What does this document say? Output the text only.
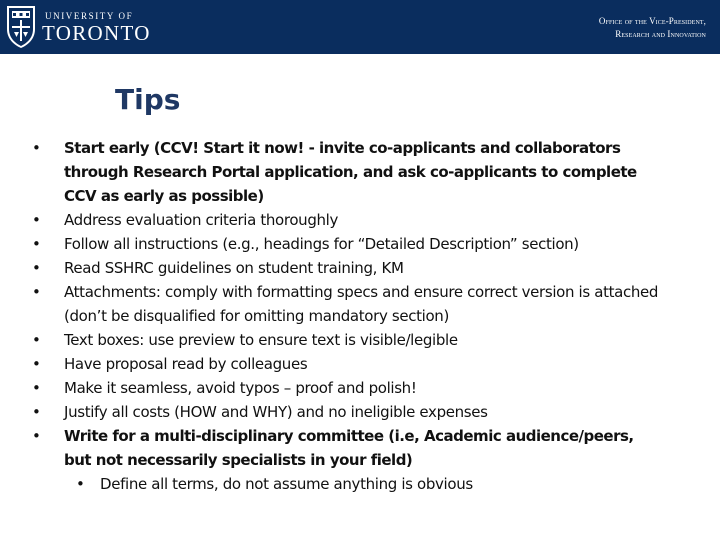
UNIVERSITY OF
TORONTO	Office of the Vice-President,
Research and Innovation
Tips
• Start early (CCV! Start it now! - invite co-applicants and collaborators through Research Portal application, and ask co-applicants to complete CCV as early as possible)
• Address evaluation criteria thoroughly
• Follow all instructions (e.g., headings for “Detailed Description” section)
• Read SSHRC guidelines on student training, KM
• Attachments: comply with formatting specs and ensure correct version is attached (don’t be disqualified for omitting mandatory section)
• Text boxes: use preview to ensure text is visible/legible
• Have proposal read by colleagues
• Make it seamless, avoid typos – proof and polish!
• Justify all costs (HOW and WHY) and no ineligible expenses
• Write for a multi-disciplinary committee (i.e, Academic audience/peers, but not necessarily specialists in your field)
• Define all terms, do not assume anything is obvious
